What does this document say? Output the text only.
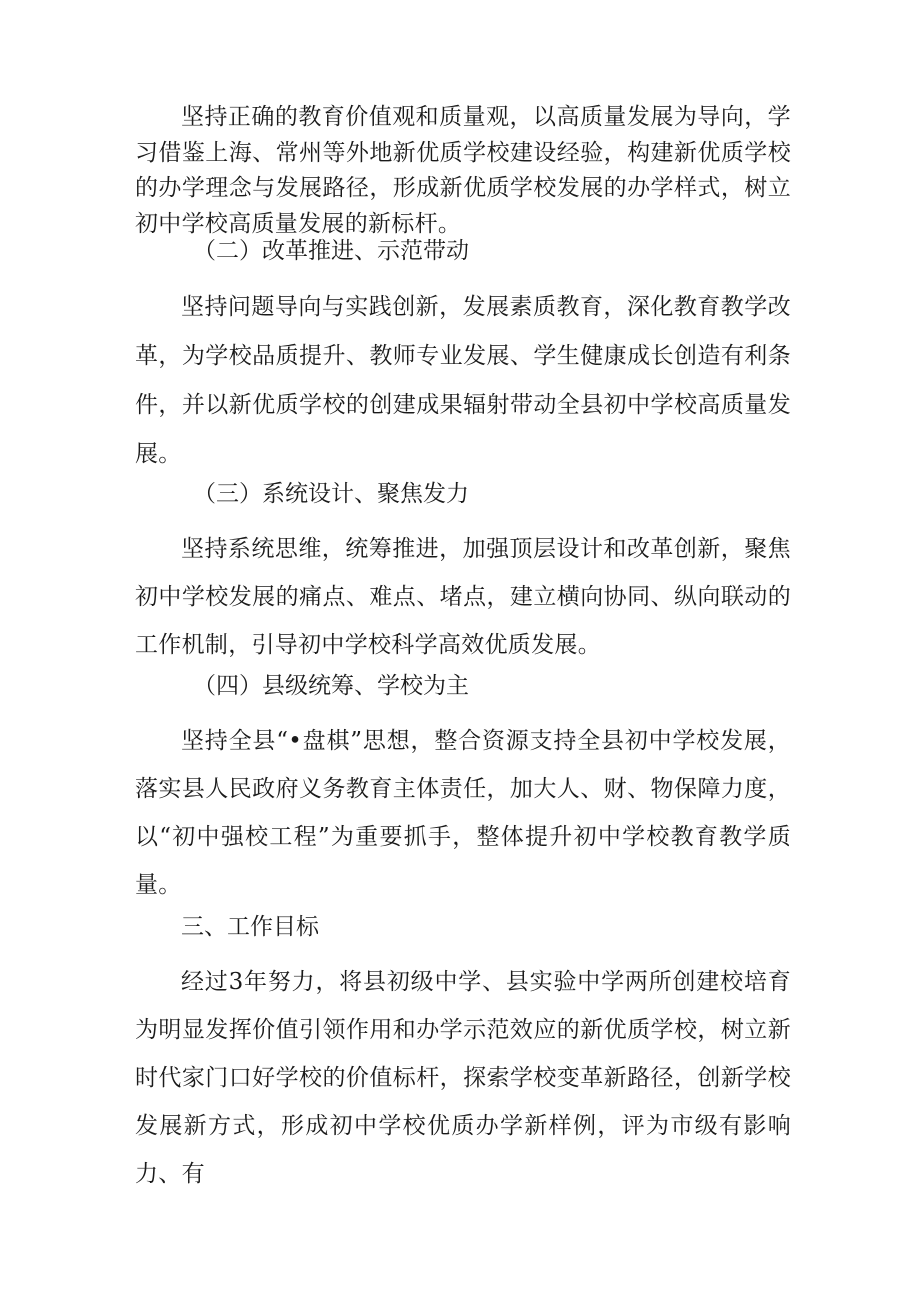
坚持正确的教育价值观和质量观，以高质量发展为导向，学习借鉴上海、常州等外地新优质学校建设经验，构建新优质学校的办学理念与发展路径，形成新优质学校发展的办学样式，树立初中学校高质量发展的新标杆。

（二）改革推进、示范带动

坚持问题导向与实践创新，发展素质教育，深化教育教学改革，为学校品质提升、教师专业发展、学生健康成长创造有利条件，并以新优质学校的创建成果辐射带动全县初中学校高质量发展。

（三）系统设计、聚焦发力

坚持系统思维，统筹推进，加强顶层设计和改革创新，聚焦初中学校发展的痛点、难点、堵点，建立横向协同、纵向联动的工作机制，引导初中学校科学高效优质发展。

（四）县级统筹、学校为主

坚持全县“•盘棋”思想，整合资源支持全县初中学校发展，落实县人民政府义务教育主体责任，加大人、财、物保障力度，以“初中强校工程”为重要抓手，整体提升初中学校教育教学质量。

三、工作目标

经过3年努力，将县初级中学、县实验中学两所创建校培育为明显发挥价值引领作用和办学示范效应的新优质学校，树立新时代家门口好学校的价值标杆，探索学校变革新路径，创新学校发展新方式，形成初中学校优质办学新样例，评为市级有影响力、有
